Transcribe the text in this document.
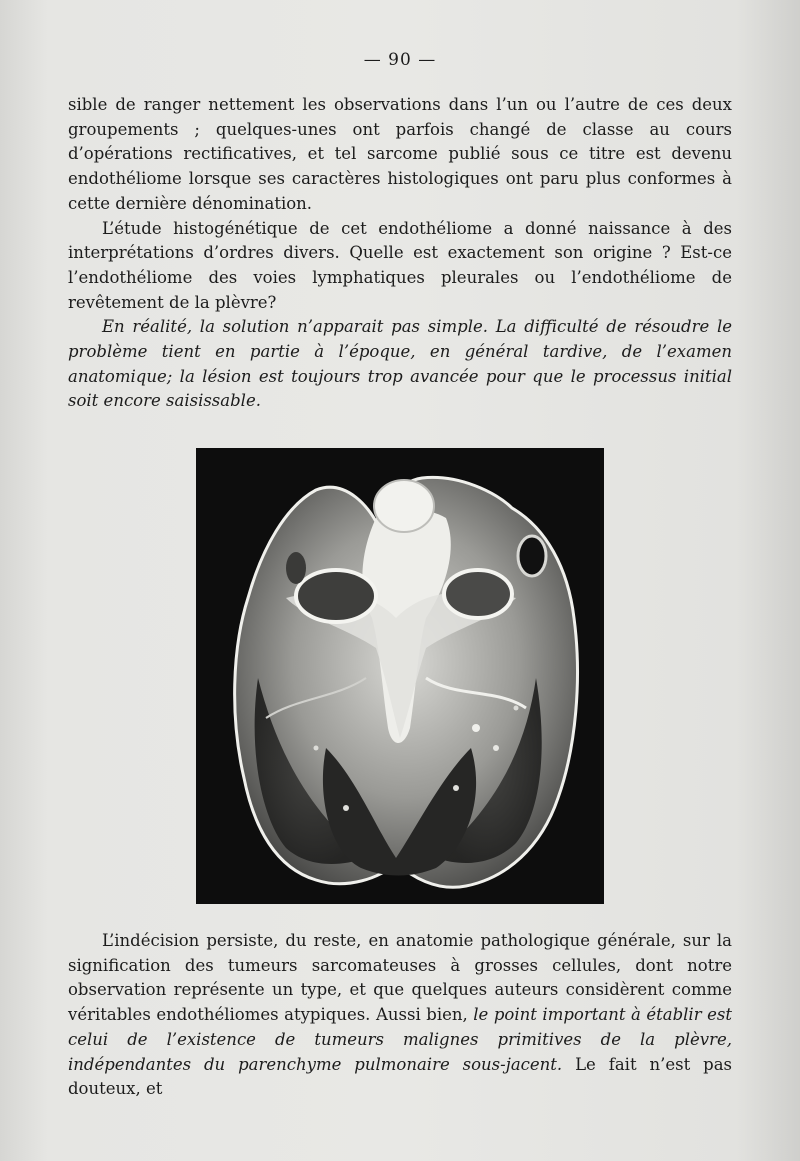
— 90 —

sible de ranger nettement les observations dans l’un ou l’autre de ces deux groupements ; quelques-unes ont parfois changé de classe au cours d’opérations rectificatives, et tel sarcome publié sous ce titre est devenu endothéliome lorsque ses caractères histologiques ont paru plus conformes à cette dernière dénomination.

L’étude histogénétique de cet endothéliome a donné naissance à des interprétations d’ordres divers. Quelle est exactement son origine ? Est-ce l’endothéliome des voies lymphatiques pleurales ou l’endothéliome de revêtement de la plèvre?

En réalité, la solution n’apparait pas simple. La difficulté de résoudre le problème tient en partie à l’époque, en général tardive, de l’examen anatomique; la lésion est toujours trop avancée pour que le processus initial soit encore saisissable.

L’indécision persiste, du reste, en anatomie pathologique générale, sur la signification des tumeurs sarcomateuses à grosses cellules, dont notre observation représente un type, et que quelques auteurs considèrent comme véritables endothéliomes atypiques. Aussi bien, le point important à établir est celui de l’existence de tumeurs malignes primitives de la plèvre, indépendantes du parenchyme pulmonaire sous-jacent. Le fait n’est pas douteux, et
